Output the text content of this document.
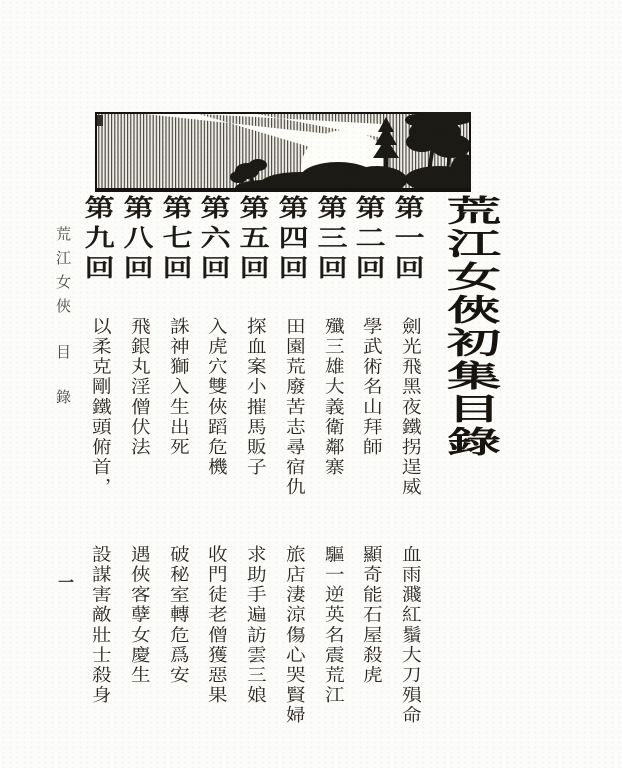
荒江女俠初集目錄
第一回
劍光飛黑夜鐵拐逞威
血雨濺紅鬚大刀殞命
第二回
學武術名山拜師
顯奇能石屋殺虎
第三回
殲三雄大義衛鄰寨
驅一逆英名震荒江
第四回
田園荒廢苦志尋宿仇
旅店淒涼傷心哭賢婦
第五回
探血案小摧馬販子
求助手遍訪雲三娘
第六回
入虎穴雙俠蹈危機
收門徒老僧獲惡果
第七回
誅神獅入生出死
破秘室轉危爲安
第八回
飛銀丸淫僧伏法
遇俠客孽女慶生
第九回
以柔克剛鐵頭俯首，
設謀害敵壯士殺身
荒江女俠
目錄
一
